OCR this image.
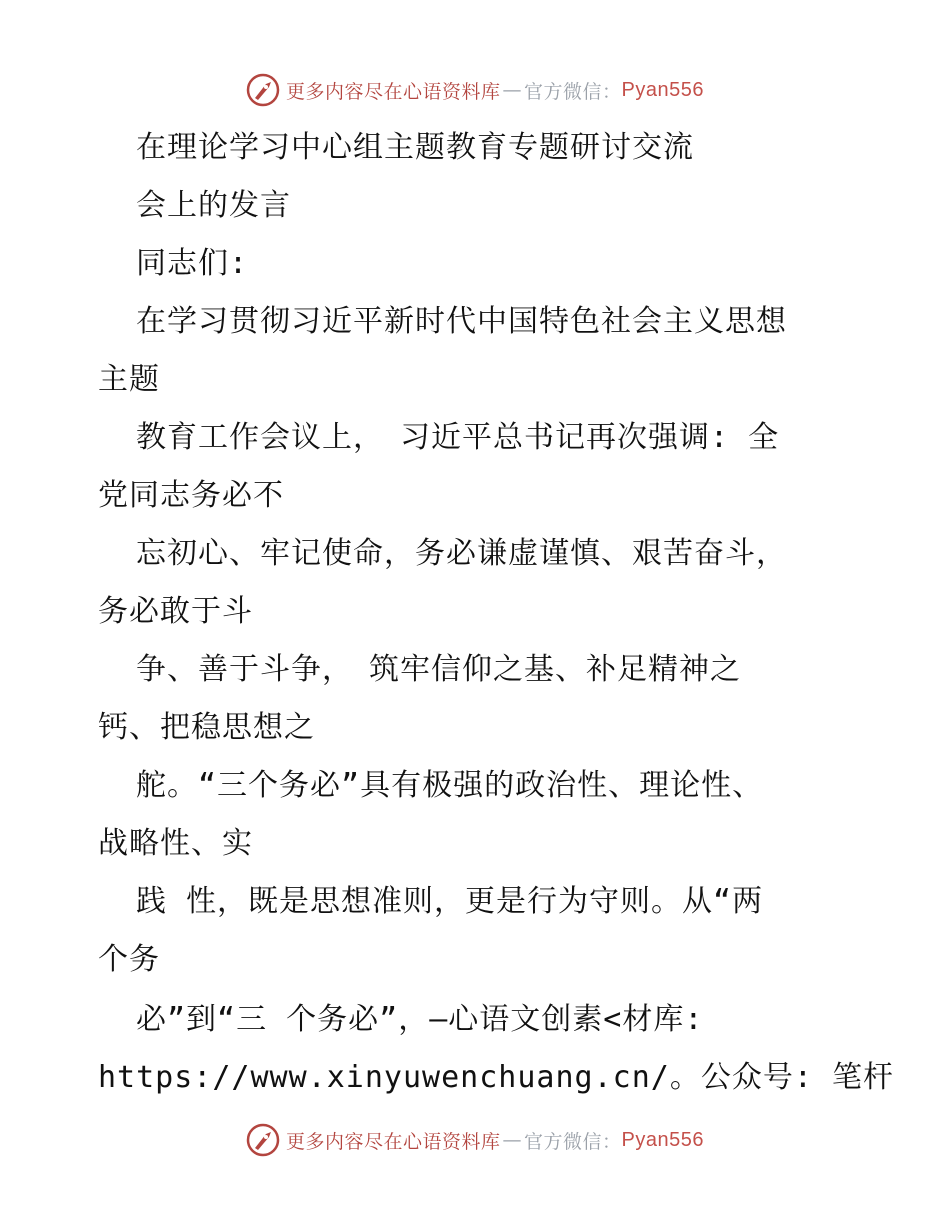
更多内容尽在心语资料库 — 官方微信： Pyan556
在理论学习中心组主题教育专题研讨交流
会上的发言
同志们:
在学习贯彻习近平新时代中国特色社会主义思想
主题
教育工作会议上，　习近平总书记再次强调: 全
党同志务必不
忘初心、牢记使命，务必谦虚谨慎、艰苦奋斗，
务必敢于斗
争、善于斗争，　筑牢信仰之基、补足精神之
钙、把稳思想之
舵。“三个务必”具有极强的政治性、理论性、
战略性、实
践 性，既是思想准则，更是行为守则。从“两
个务
必”到“三 个务必”，—心语文创素<材库:
https://www.xinyuwenchuang.cn/。公众号: 笔杆
更多内容尽在心语资料库 — 官方微信： Pyan556
